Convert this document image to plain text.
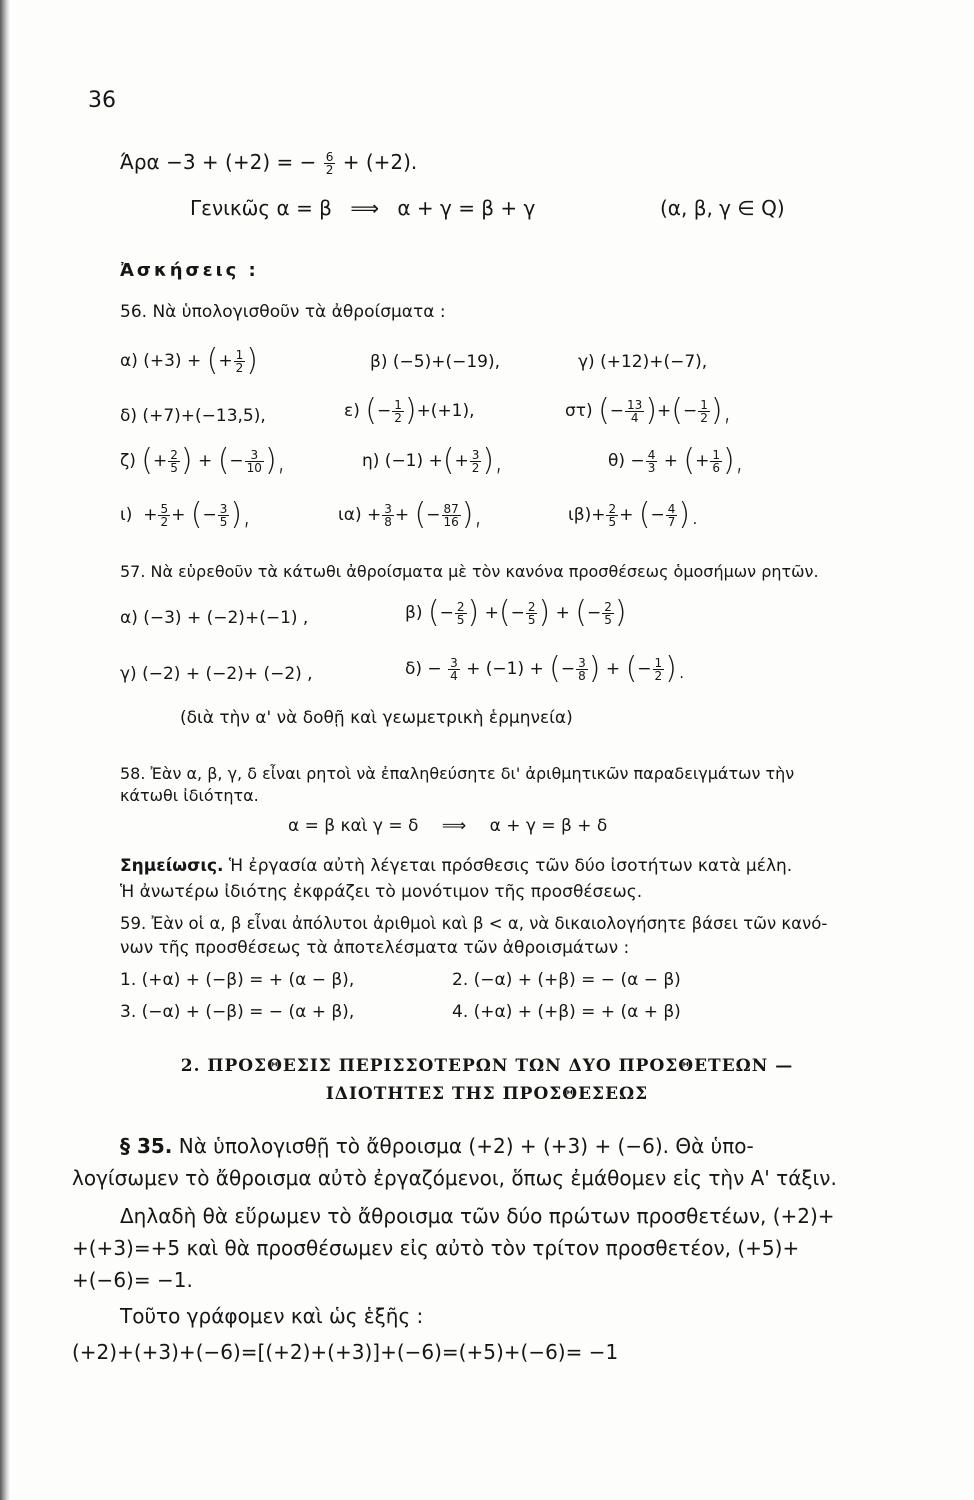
36
Άρα −3 + (+2) = − $\frac{6}{2} + (+2)$.
Γενικῶς α = β ⟹ α + γ = β + γ	(α, β, γ ∈ Q)
Ἀσκήσεις :
56. Νὰ ὑπολογισθοῦν τὰ ἀθροίσματα :
α) (+3) + (+ $\frac{1}{2}$ )	β) (−5)+(−19),	γ) (+12)+(−7),
δ) (+7)+(−13,5),	ε) (− $\frac{1}{2} )+(+1)$,	στ) (− $\frac{13}{4}$ )+(− $\frac{1}{2}$ ),
ζ) (+ $\frac{2}{5}$ ) + (− $\frac{3}{10}$ ),	η) (−1) +(+ $\frac{3}{2}$ ),	$\theta) - \frac{4}{3}$ + (+ $\frac{1}{6}$ ),
$\iota) + \frac{5}{2}$ + (− $\frac{3}{5}$ ),	$\iota\alpha) + \frac{3}{8}$ + (− $\frac{87}{16}$ ),	$\iota\beta)+ \frac{2}{5}$ + (− $\frac{4}{7}$ ).
57. Νὰ εὑρεθοῦν τὰ κάτωθι ἀθροίσματα μὲ τὸν κανόνα προσθέσεως ὁμοσήμων ρητῶν.
α) (−3) + (−2)+(−1) ,	β) (− $\frac{2}{5}$ ) +(− $\frac{2}{5}$ ) + (− $\frac{2}{5}$ )
γ) (−2) + (−2)+ (−2) ,	$\delta) - \frac{3}{4} + (-1)$ + (− $\frac{3}{8}$ ) + (− $\frac{1}{2}$ ).
(διὰ τὴν α' νὰ δοθῇ καὶ γεωμετρικὴ ἑρμηνεία)
58. Ἐὰν α, β, γ, δ εἶναι ρητοὶ νὰ ἐπαληθεύσητε δι' ἀριθμητικῶν παραδειγμάτων τὴν
κάτωθι ἰδιότητα.
α = β καὶ γ = δ ⟹ α + γ = β + δ
Σημείωσις. Ἡ ἐργασία αὐτὴ λέγεται πρόσθεσις τῶν δύο ἰσοτήτων κατὰ μέλη.
Ἡ ἀνωτέρω ἰδιότης ἐκφράζει τὸ μονότιμον τῆς προσθέσεως.
59. Ἐὰν οἱ α, β εἶναι ἀπόλυτοι ἀριθμοὶ καὶ β < α, νὰ δικαιολογήσητε βάσει τῶν κανό-
νων τῆς προσθέσεως τὰ ἀποτελέσματα τῶν ἀθροισμάτων :
1. (+α) + (−β) = + (α − β),	2. (−α) + (+β) = − (α − β)
3. (−α) + (−β) = − (α + β),	4. (+α) + (+β) = + (α + β)
2. ΠΡΟΣΘΕΣΙΣ ΠΕΡΙΣΣΟΤΕΡΩΝ ΤΩΝ ΔΥΟ ΠΡΟΣΘΕΤΕΩΝ —
ΙΔΙΟΤΗΤΕΣ ΤΗΣ ΠΡΟΣΘΕΣΕΩΣ
§ 35. Νὰ ὑπολογισθῇ τὸ ἄθροισμα (+2) + (+3) + (−6). Θὰ ὑπο-
λογίσωμεν τὸ ἄθροισμα αὐτὸ ἐργαζόμενοι, ὅπως ἐμάθομεν εἰς τὴν Α' τάξιν.
Δηλαδὴ θὰ εὕρωμεν τὸ ἄθροισμα τῶν δύο πρώτων προσθετέων, (+2)+
+(+3)=+5 καὶ θὰ προσθέσωμεν εἰς αὐτὸ τὸν τρίτον προσθετέον, (+5)+
+(−6)= −1.
Τοῦτο γράφομεν καὶ ὡς ἑξῆς :
(+2)+(+3)+(−6)=[(+2)+(+3)]+(−6)=(+5)+(−6)= −1
